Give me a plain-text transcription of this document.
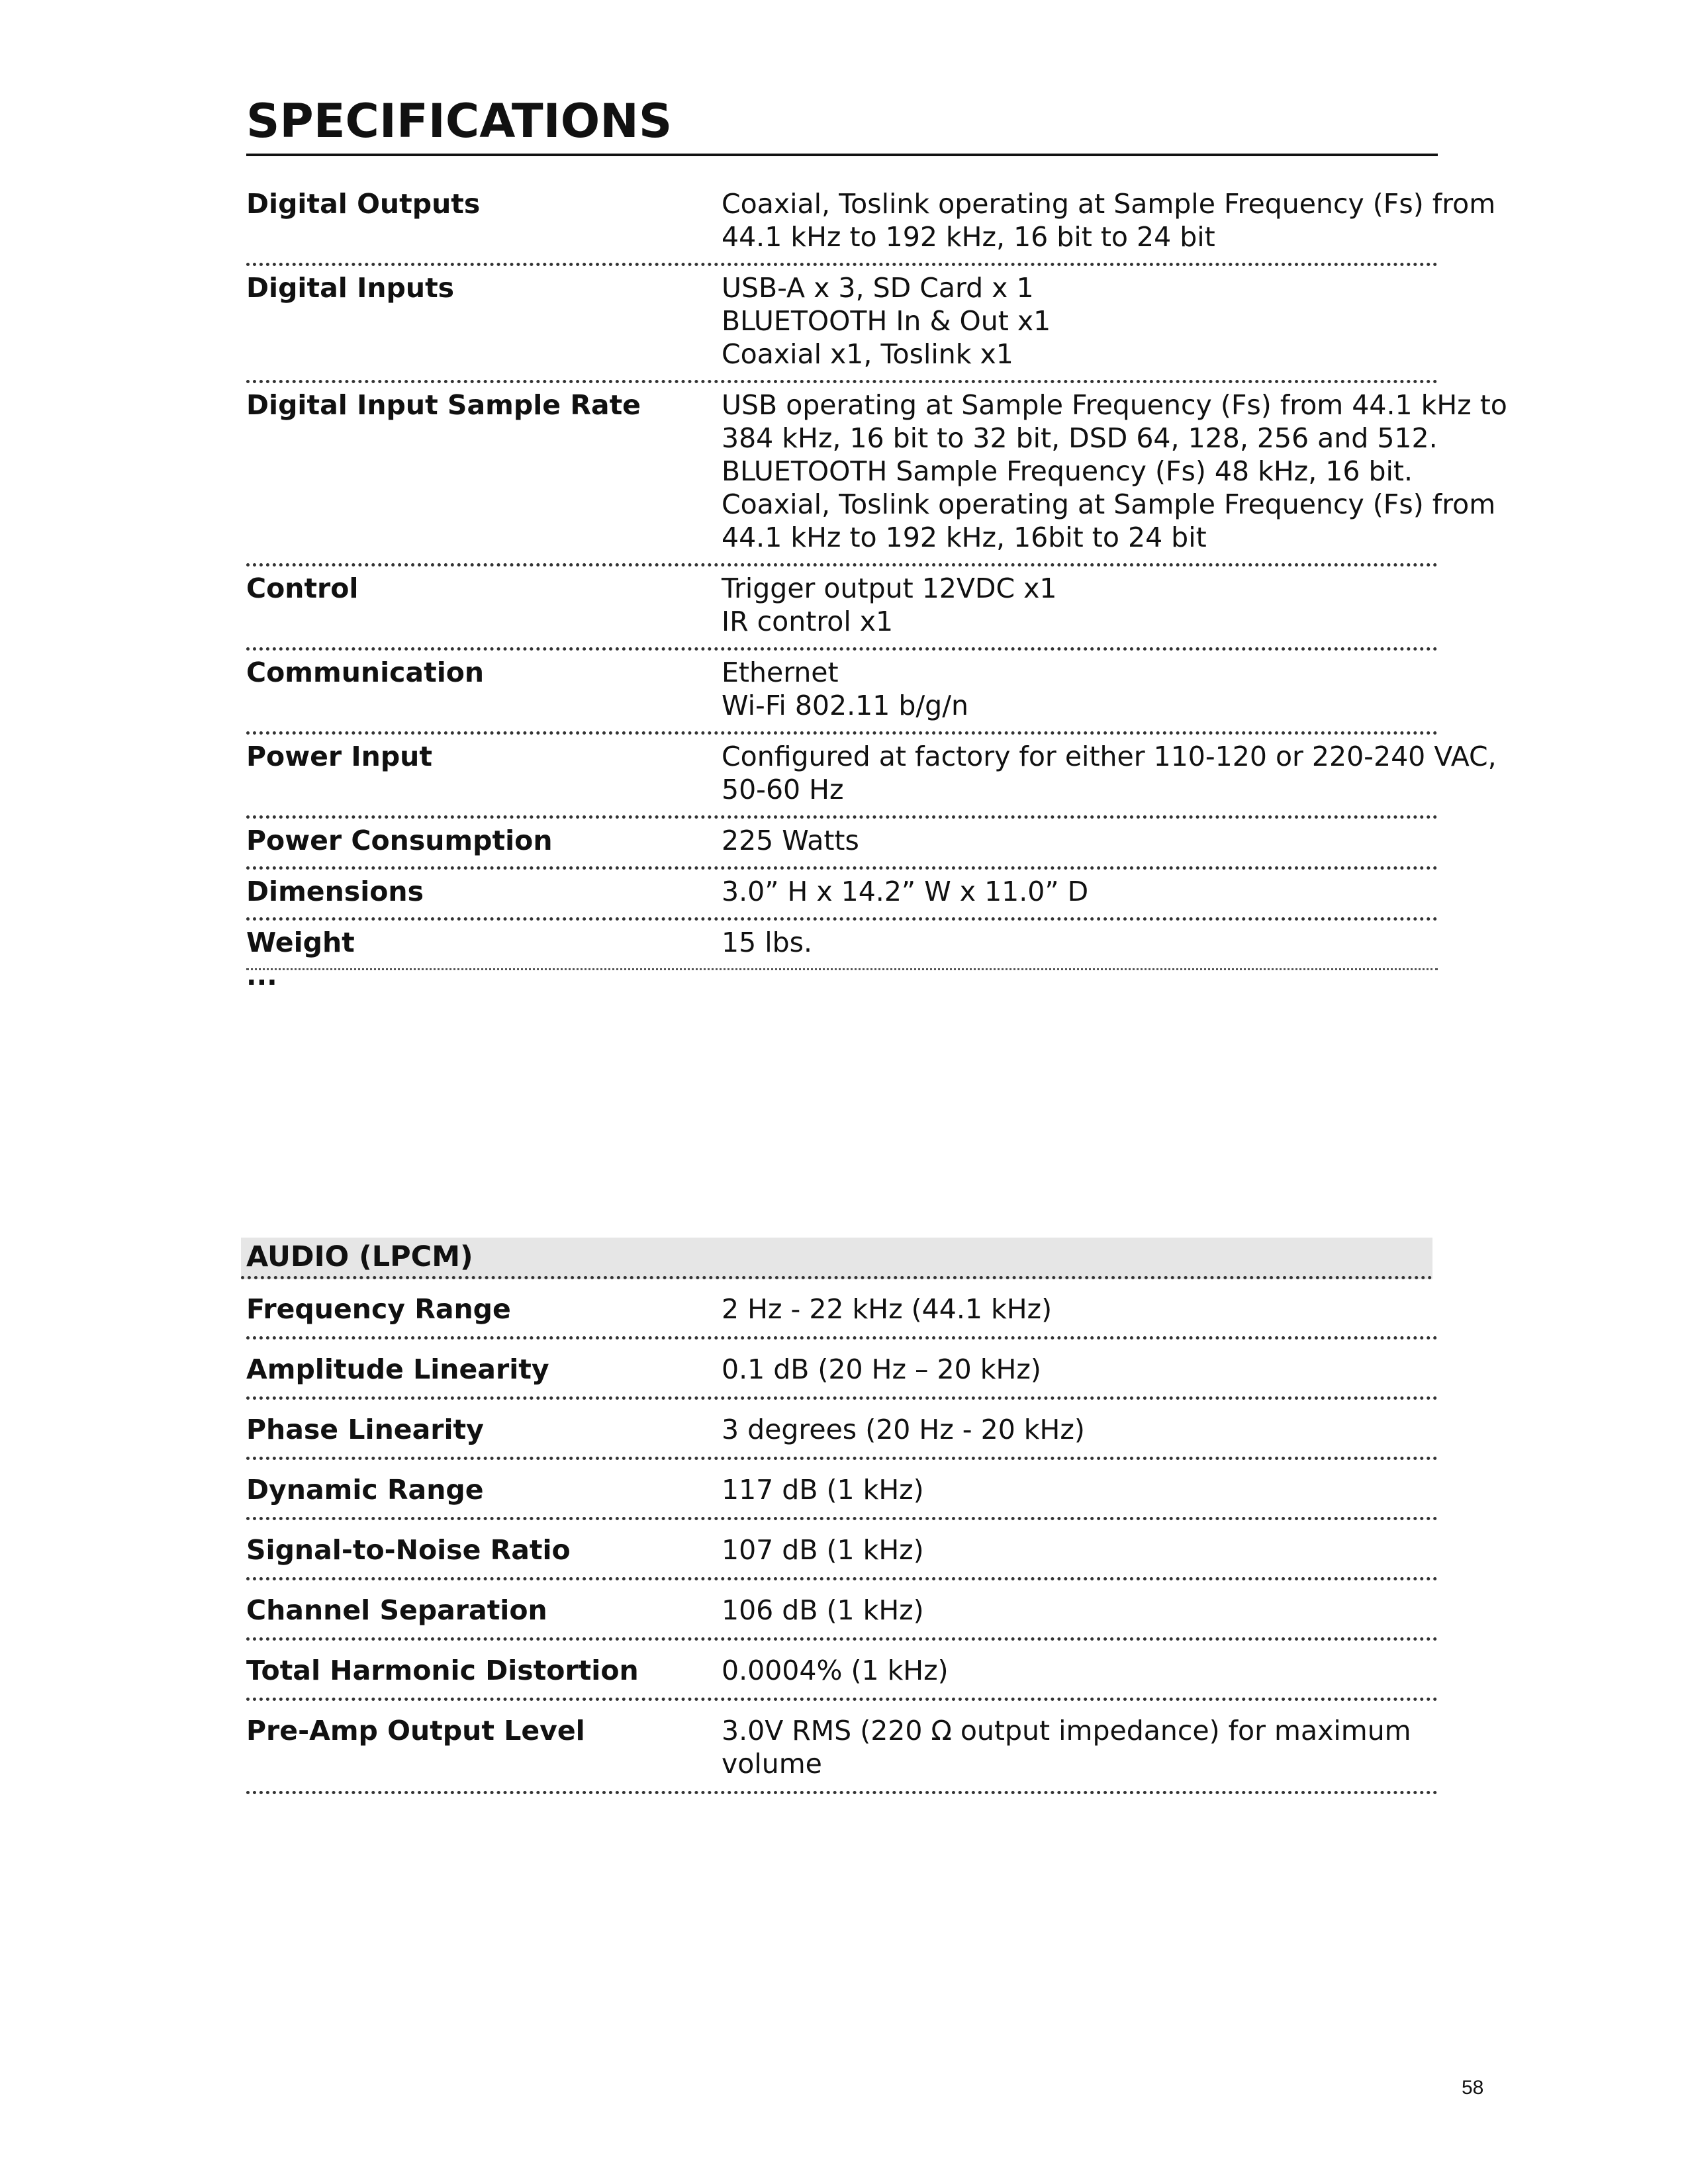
SPECIFICATIONS
Digital Outputs	Coaxial, Toslink operating at Sample Frequency (Fs) from
44.1 kHz to 192 kHz, 16 bit to 24 bit
Digital Inputs	USB-A x 3, SD Card x 1
BLUETOOTH In & Out x1
Coaxial x1, Toslink x1
Digital Input Sample Rate	USB operating at Sample Frequency (Fs) from 44.1 kHz to
384 kHz, 16 bit to 32 bit, DSD 64, 128, 256 and 512.
BLUETOOTH Sample Frequency (Fs) 48 kHz, 16 bit.
Coaxial, Toslink operating at Sample Frequency (Fs) from
44.1 kHz to 192 kHz, 16bit to 24 bit
Control	Trigger output 12VDC x1
IR control x1
Communication	Ethernet
Wi-Fi 802.11 b/g/n
Power Input	Configured at factory for either 110-120 or 220-240 VAC,
50-60 Hz
Power Consumption	225 Watts
Dimensions	3.0” H x 14.2” W x 11.0” D
Weight	15 lbs.
...
AUDIO (LPCM)
Frequency Range	2 Hz - 22 kHz (44.1 kHz)
Amplitude Linearity	0.1 dB (20 Hz – 20 kHz)
Phase Linearity	3 degrees (20 Hz - 20 kHz)
Dynamic Range	117 dB (1 kHz)
Signal-to-Noise Ratio	107 dB (1 kHz)
Channel Separation	106 dB (1 kHz)
Total Harmonic Distortion	0.0004% (1 kHz)
Pre-Amp Output Level	3.0V RMS (220 Ω output impedance) for maximum
volume
58
